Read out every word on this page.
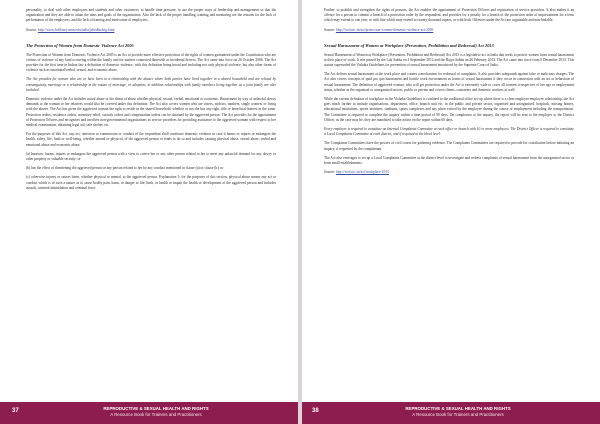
personality, to deal with other employees and students and other customers, to handle time pressure, to use the proper ways of leadership and management so that the organization and they are able to attain the aims and goals of the organization. Also the lack of the proper handling, training and mentoring are the reasons for the lack of performance of the employees, and the lack of training and motivation of employees.

Source: http://www.hrlibrary.umn.edu/india/jsbodhodrig.html

The Protection of Women from Domestic Violence Act 2005

The Protection of Women from Domestic Violence Act 2005 is an Act to provide more effective protection of the rights of women guaranteed under the Constitution who are victims of violence of any kind occurring within the family and for matters connected therewith or incidental thereto. The Act came into force on 26 October 2006. The Act provides for the first time in Indian law a definition of domestic violence, with this definition being broad and including not only physical violence, but also other forms of violence such as emotional/verbal, sexual, and economic abuse.

The Act provides for women who are or have been in a relationship with the abuser where both parties have lived together in a shared household and are related by consanguinity, marriage or a relationship in the nature of marriage, or adoption; in addition relationships with family members living together as a joint family are also included.

Domestic violence under the Act includes actual abuse or the threat of abuse whether physical, sexual, verbal, emotional or economic. Harassment by way of unlawful dowry demands to the woman or her relatives would also be covered under this definition. The Act also covers women who are sisters, widows, mothers, single women, or living with the abuser. The Act has given the aggrieved woman the right to reside in the shared household, whether or not she has any right, title or beneficial interest in the same. Protection orders, residence orders, monetary relief, custody orders and compensation orders can be obtained by the aggrieved person. The Act provides for the appointment of Protection Officers and recognises and involves non-governmental organisations as service providers for providing assistance to the aggrieved woman with respect to her medical examination, obtaining legal aid, safe shelter, etc.

For the purposes of this Act, any act, omission or commission or conduct of the respondent shall constitute domestic violence in case it harms or injures or endangers the health, safety, life, limb or well-being, whether mental or physical, of the aggrieved person or tends to do so and includes causing physical abuse, sexual abuse, verbal and emotional abuse and economic abuse.

(a) harasses, harms, injures or endangers the aggrieved person with a view to coerce her or any other person related to her to meet any unlawful demand for any dowry or other property or valuable security; or

(b) has the effect of threatening the aggrieved person or any person related to her by any conduct mentioned in clause (a) or clause (b); or

(c) otherwise injures or causes harm, whether physical or mental, to the aggrieved person. Explanation 1: for the purposes of this section, physical abuse means any act or conduct which is of such a nature as to cause bodily pain, harm, or danger to life, limb, or health or impair the health or development of the aggrieved person and includes assault, criminal intimidation and criminal force.

37	REPRODUCTIVE & SEXUAL HEALTH AND RIGHTS
A Resource Book for Trainers and Practitioners

Further, to prohibit and strengthen the rights of persons, the Act enables the appointment of Protection Officers and registration of service providers. It also makes it an offence for a person to commit a breach of a protection order by the respondent, and provides for a penalty for a breach of the protection order of imprisonment for a term which may extend to one year, or with fine which may extend to twenty thousand rupees, or with both. Offences under the Act are cognizable and non-bailable.

Source: http://wcd.nic.in/act/protection-women-domestic-violence-act-2005

Sexual Harassment of Women at Workplace (Prevention, Prohibition and Redressal) Act 2013

Sexual Harassment of Women at Workplace (Prevention, Prohibition and Redressal) Act 2013 is a legislative act in India that seeks to protect women from sexual harassment at their place of work. It was passed by the Lok Sabha on 3 September 2012 and the Rajya Sabha on 26 February 2013. The Act came into force from 9 December 2013. This statute superseded the Vishaka Guidelines for prevention of sexual harassment introduced by the Supreme Court of India.

The Act defines sexual harassment at the work place and creates a mechanism for redressal of complaints. It also provides safeguards against false or malicious charges. The Act also covers concepts of quid pro quo harassment and hostile work environment as forms of sexual harassment if they occur in connection with an act or behaviour of sexual harassment. The definition of aggrieved woman, who will get protection under the Act is extremely wide to cover all women, irrespective of her age or employment status, whether in the organised or unorganised sectors, public or private and covers clients, customers and domestic workers as well.

While the current definition of workplace in the Vishaka Guidelines is confined to the traditional office set-up where there is a clear employer-employee relationship, the Act goes much further to include organisations, department, office, branch unit etc. in the public and private sector, organised and unorganised, hospitals, nursing homes, educational institutions, sports institutes, stadiums, sports complexes and any place visited by the employee during the course of employment including the transportation. The Committee is required to complete the inquiry within a time period of 90 days. On completion of the inquiry, the report will be sent to the employer or the District Officer, as the case may be, they are mandated to take action on the report within 60 days.

Every employer is required to constitute an Internal Complaints Committee at each office or branch with 10 or more employees. The District Officer is required to constitute a Local Complaints Committee at each district, and if required at the block level.

The Complaints Committees have the powers of civil courts for gathering evidence. The Complaints Committees are required to provide for conciliation before initiating an inquiry, if requested by the complainant.

The Act also envisages to set up a Local Complaints Committee at the district level to investigate and redress complaints of sexual harassment from the unorganised sector or from small establishments.

Source: http://wcd.nic.in/act/workplace-2013

38	REPRODUCTIVE & SEXUAL HEALTH AND RIGHTS
A Resource Book for Trainers and Practitioners
